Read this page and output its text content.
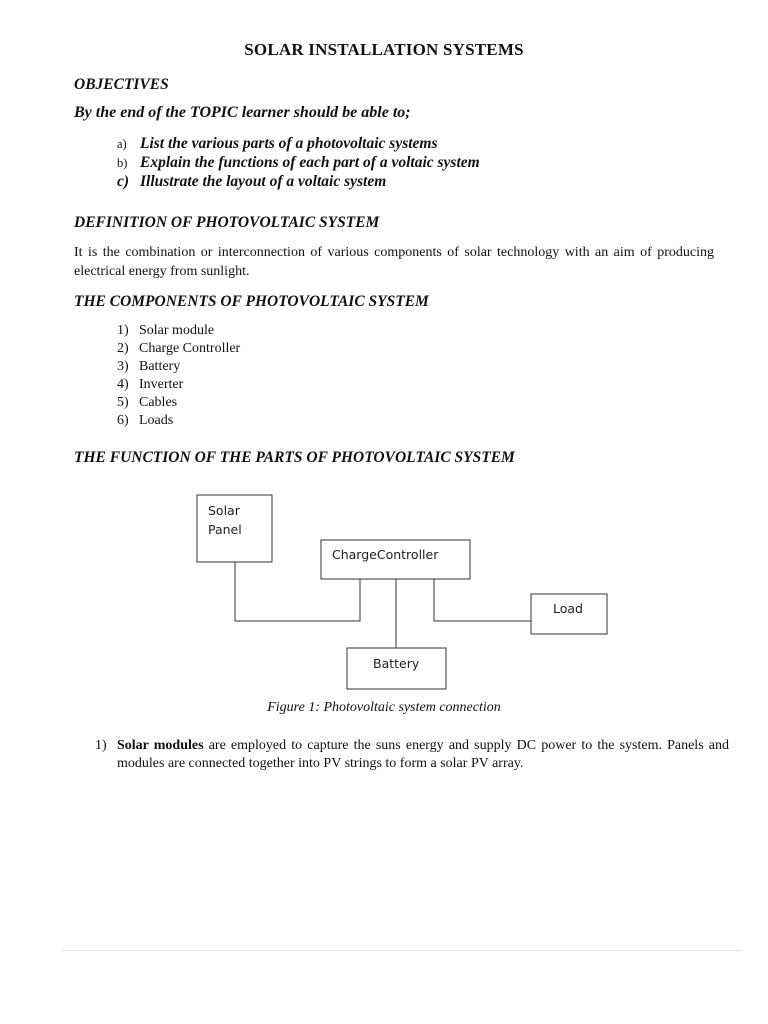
SOLAR INSTALLATION SYSTEMS
OBJECTIVES
By the end of the TOPIC learner should be able to;
a) List the various parts of a photovoltaic systems
b) Explain the functions of each part of a voltaic system
c) Illustrate the layout of a voltaic system
DEFINITION OF PHOTOVOLTAIC SYSTEM
It is the combination or interconnection of various components of solar technology with an aim of producing electrical energy from sunlight.
THE COMPONENTS OF PHOTOVOLTAIC SYSTEM
1) Solar module
2) Charge Controller
3) Battery
4) Inverter
5) Cables
6) Loads
THE FUNCTION OF THE PARTS OF PHOTOVOLTAIC SYSTEM
Solar
Panel
ChargeController
Load
Battery
Figure 1: Photovoltaic system connection
1) Solar modules are employed to capture the suns energy and supply DC power to the system. Panels and modules are connected together into PV strings to form a solar PV array.
